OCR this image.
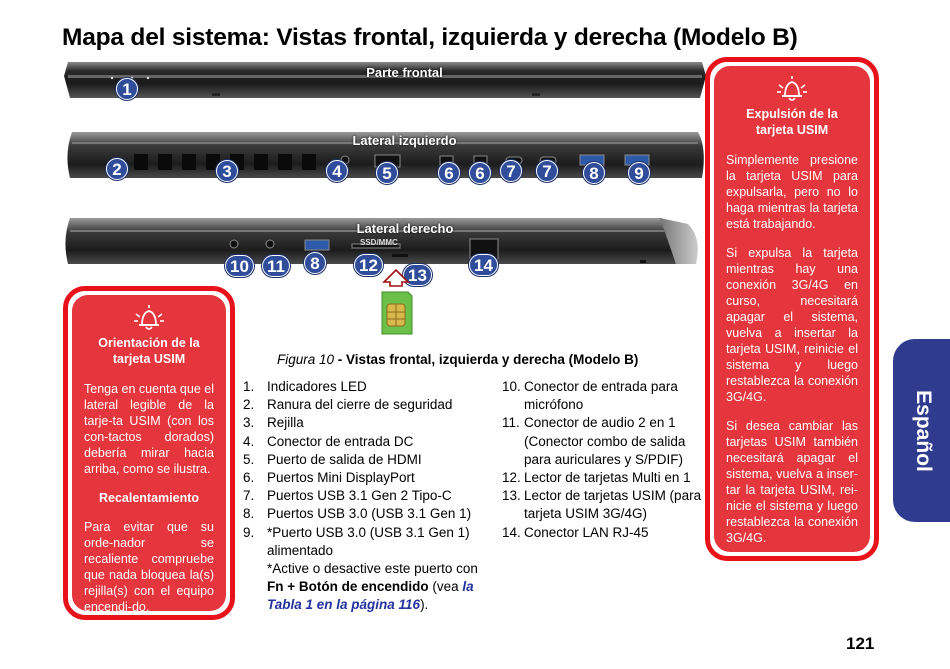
Mapa del sistema: Vistas frontal, izquierda y derecha (Modelo B)
Parte frontal
1
Lateral izquierdo
2	3	4	5	6	6	7	7	8	9
Lateral derecho
SSD/MMC
10 11	8	12
13
14
Orientación de la tarjeta USIM

Tenga en cuenta que el lateral legible de la tarje-ta USIM (con los con-tactos dorados) debería mirar hacia arriba, como se ilustra.

Recalentamiento

Para evitar que su orde-nador se recaliente compruebe que nada bloquea la(s) rejilla(s) con el equipo encendi-do.

Expulsión de la tarjeta USIM

Simplemente presione la tarjeta USIM para expulsarla, pero no lo haga mientras la tarjeta está trabajando.

Si expulsa la tarjeta mientras hay una conexión 3G/4G en curso, necesitará apagar el sistema, vuelva a insertar la tarjeta USIM, reinicie el sistema y luego restablezca la conexión 3G/4G.

Si desea cambiar las tarjetas USIM también necesitará apagar el sistema, vuelva a inser-tar la tarjeta USIM, rei-nicie el sistema y luego restablezca la conexión 3G/4G.

Figura 10 - Vistas frontal, izquierda y derecha (Modelo B)
1. Indicadores LED
2. Ranura del cierre de seguridad
3. Rejilla
4. Conector de entrada DC
5. Puerto de salida de HDMI
6. Puertos Mini DisplayPort
7. Puertos USB 3.1 Gen 2 Tipo-C
8. Puertos USB 3.0 (USB 3.1 Gen 1)
9. *Puerto USB 3.0 (USB 3.1 Gen 1) alimentado
*Active o desactive este puerto con Fn + Botón de encendido (vea la Tabla 1 en la página 116).
10. Conector de entrada para micrófono
11. Conector de audio 2 en 1 (Conector combo de salida para auriculares y S/PDIF)
12. Lector de tarjetas Multi en 1
13. Lector de tarjetas USIM (para tarjeta USIM 3G/4G)
14. Conector LAN RJ-45
Español
121
